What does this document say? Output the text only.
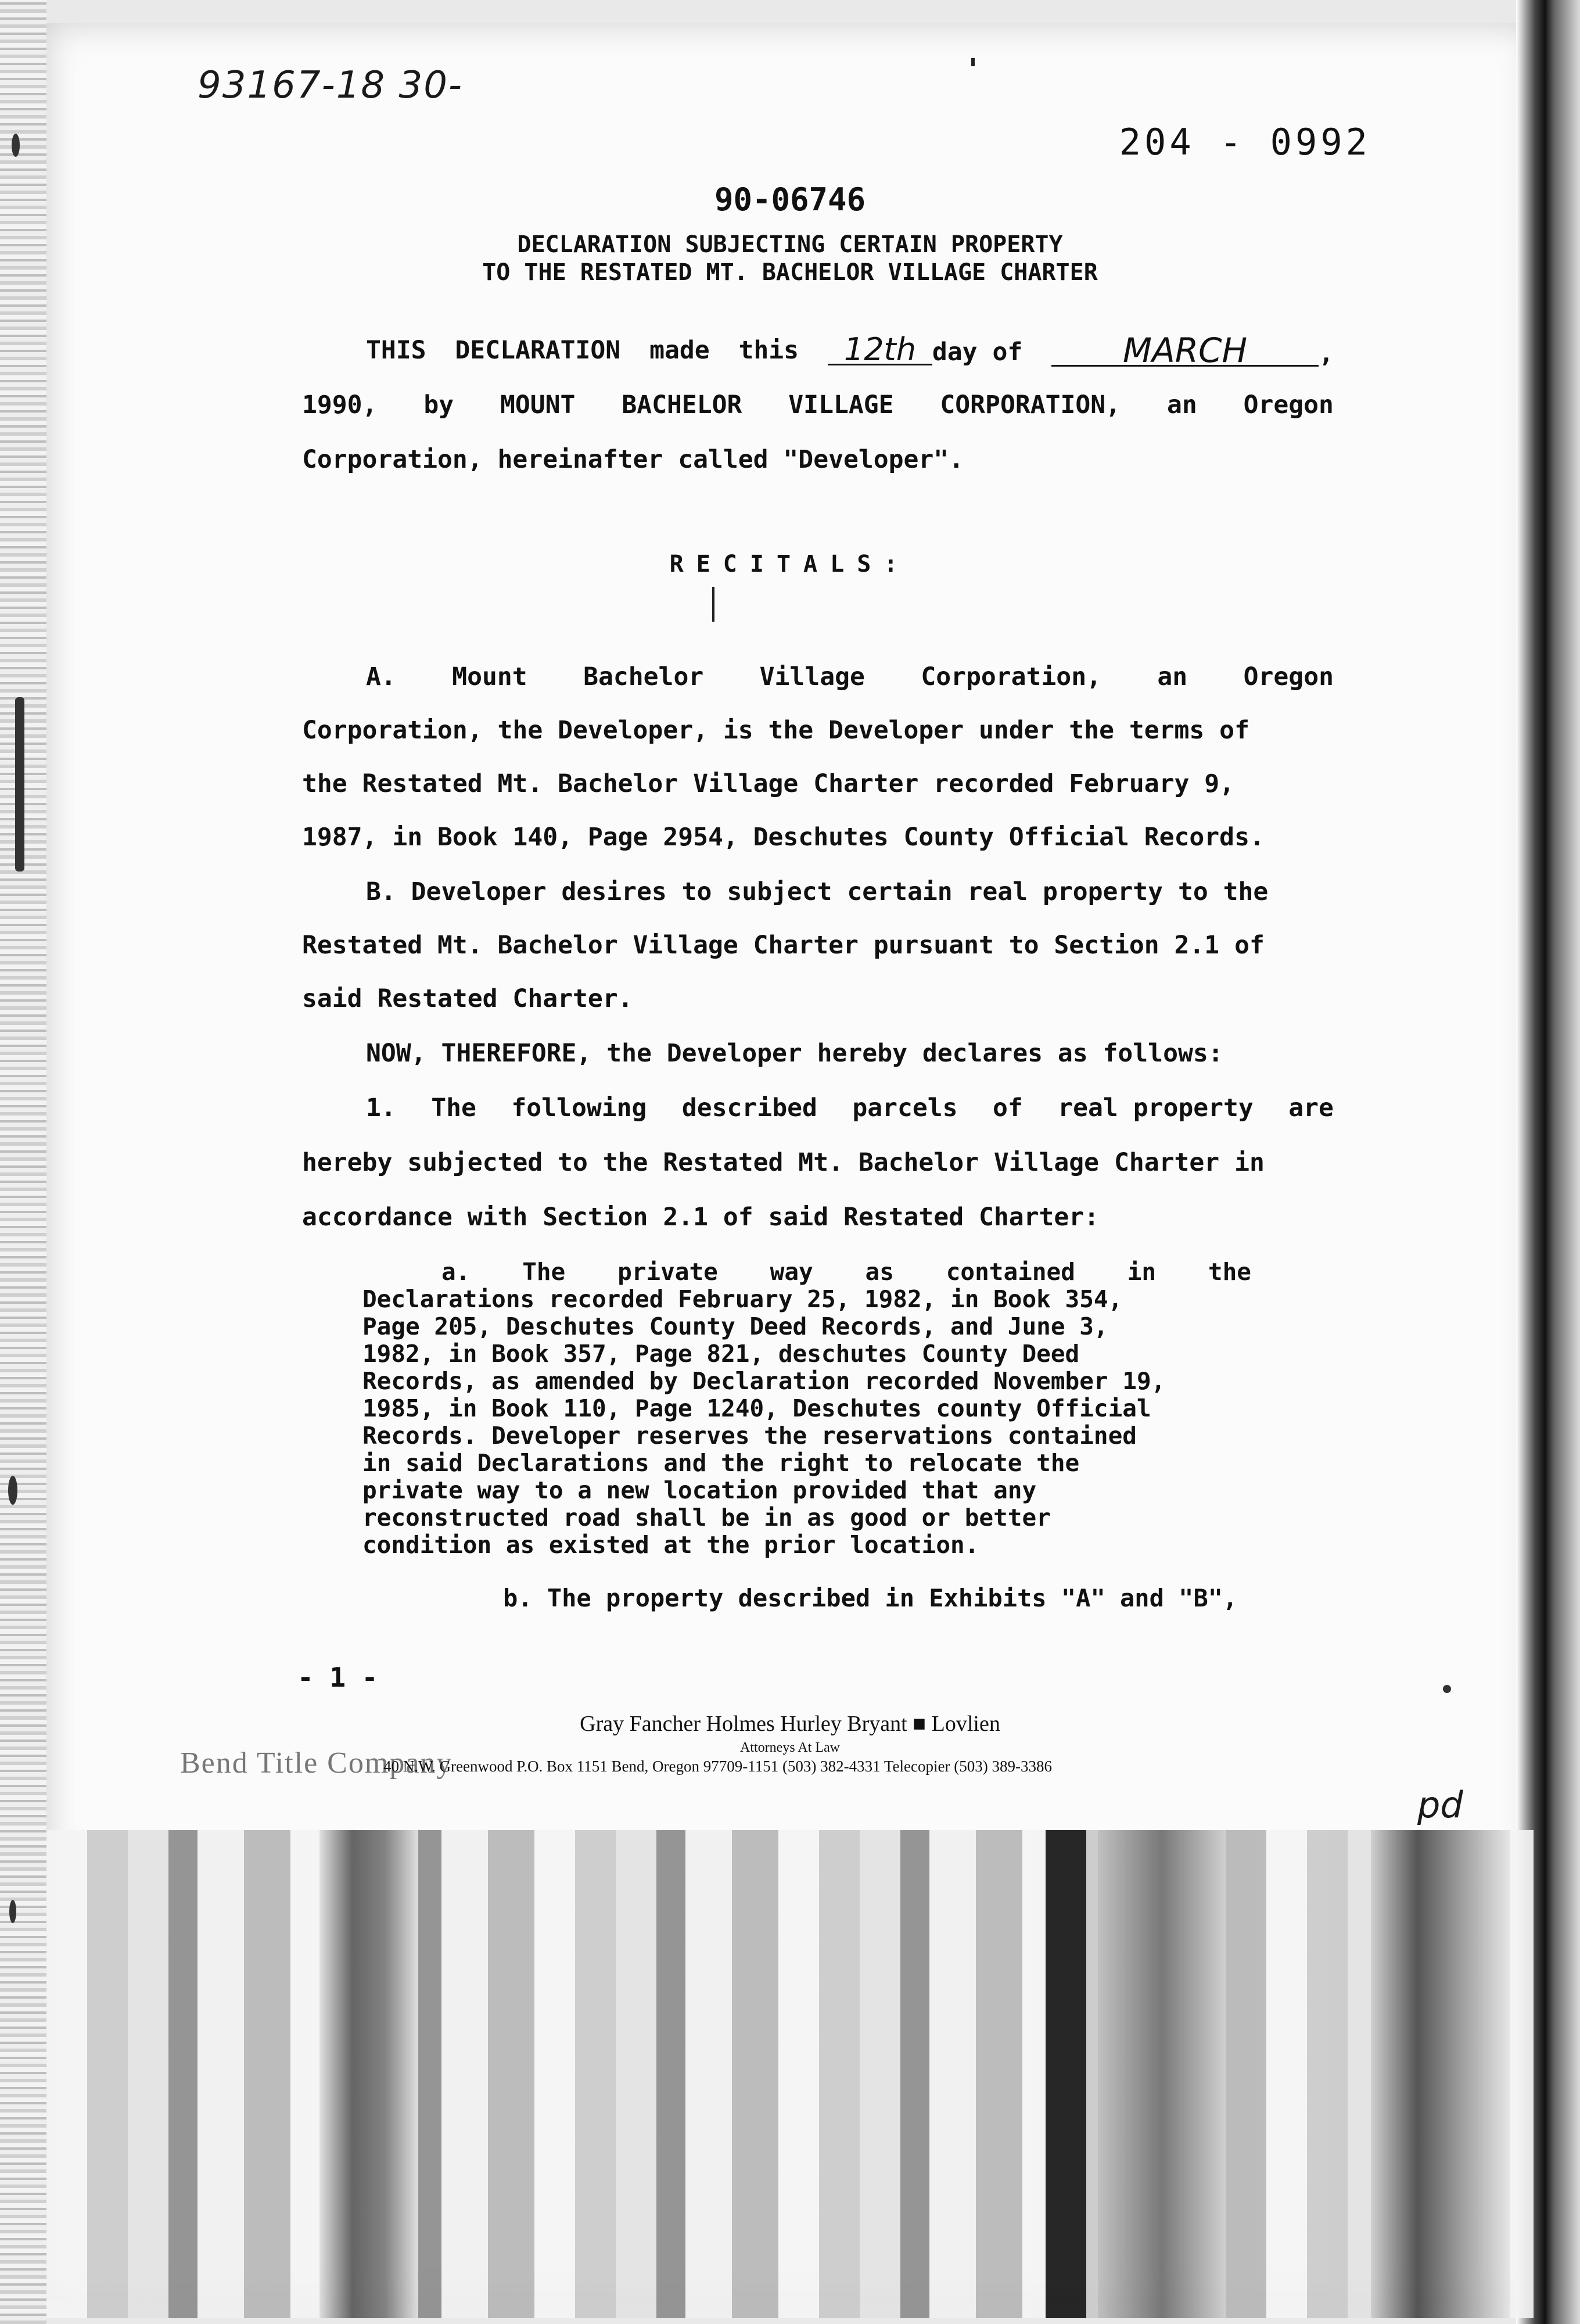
93167-18 30-
204 - 0992
90-06746
DECLARATION SUBJECTING CERTAIN PROPERTY
TO THE RESTATED MT. BACHELOR VILLAGE CHARTER
THIS DECLARATION made this	12th day of	MARCH	,
1990, by MOUNT BACHELOR VILLAGE CORPORATION, an Oregon
Corporation, hereinafter called "Developer".
RECITALS:
A. Mount Bachelor Village Corporation, an Oregon
Corporation, the Developer, is the Developer under the terms of
the Restated Mt. Bachelor Village Charter recorded February 9,
1987, in Book 140, Page 2954, Deschutes County Official Records.
B. Developer desires to subject certain real property to the
Restated Mt. Bachelor Village Charter pursuant to Section 2.1 of
said Restated Charter.
NOW, THEREFORE, the Developer hereby declares as follows:
1. The following described parcels of real property are
hereby subjected to the Restated Mt. Bachelor Village Charter in
accordance with Section 2.1 of said Restated Charter:
a. The private way as contained in the
Declarations recorded February 25, 1982, in Book 354,
Page 205, Deschutes County Deed Records, and June 3,
1982, in Book 357, Page 821, deschutes County Deed
Records, as amended by Declaration recorded November 19,
1985, in Book 110, Page 1240, Deschutes county Official
Records. Developer reserves the reservations contained
in said Declarations and the right to relocate the
private way to a new location provided that any
reconstructed road shall be in as good or better
condition as existed at the prior location.
b. The property described in Exhibits "A" and "B",
- 1 -
Gray Fancher Holmes Hurley Bryant ■ Lovlien
Attorneys At Law
Bend Title Company
40 N.W. Greenwood P.O. Box 1151 Bend, Oregon 97709-1151 (503) 382-4331 Telecopier (503) 389-3386
pd
